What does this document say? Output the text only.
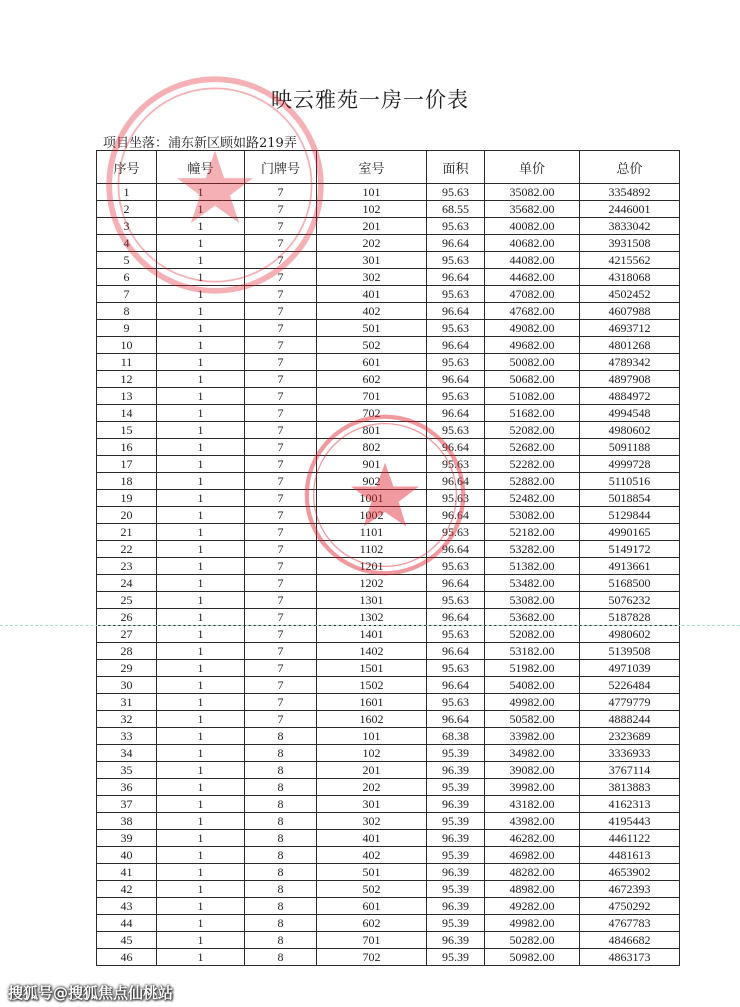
映云雅苑一房一价表
项目坐落：浦东新区顾如路219弄
序号	幢号	门牌号	室号	面积	单价	总价
1	1	7	101	95.63	35082.00	3354892
2	1	7	102	68.55	35682.00	2446001
3	1	7	201	95.63	40082.00	3833042
4	1	7	202	96.64	40682.00	3931508
5	1	7	301	95.63	44082.00	4215562
6	1	7	302	96.64	44682.00	4318068
7	1	7	401	95.63	47082.00	4502452
8	1	7	402	96.64	47682.00	4607988
9	1	7	501	95.63	49082.00	4693712
10	1	7	502	96.64	49682.00	4801268
11	1	7	601	95.63	50082.00	4789342
12	1	7	602	96.64	50682.00	4897908
13	1	7	701	95.63	51082.00	4884972
14	1	7	702	96.64	51682.00	4994548
15	1	7	801	95.63	52082.00	4980602
16	1	7	802	96.64	52682.00	5091188
17	1	7	901	95.63	52282.00	4999728
18	1	7	902	96.64	52882.00	5110516
19	1	7	1001	95.63	52482.00	5018854
20	1	7	1002	96.64	53082.00	5129844
21	1	7	1101	95.63	52182.00	4990165
22	1	7	1102	96.64	53282.00	5149172
23	1	7	1201	95.63	51382.00	4913661
24	1	7	1202	96.64	53482.00	5168500
25	1	7	1301	95.63	53082.00	5076232
26	1	7	1302	96.64	53682.00	5187828
27	1	7	1401	95.63	52082.00	4980602
28	1	7	1402	96.64	53182.00	5139508
29	1	7	1501	95.63	51982.00	4971039
30	1	7	1502	96.64	54082.00	5226484
31	1	7	1601	95.63	49982.00	4779779
32	1	7	1602	96.64	50582.00	4888244
33	1	8	101	68.38	33982.00	2323689
34	1	8	102	95.39	34982.00	3336933
35	1	8	201	96.39	39082.00	3767114
36	1	8	202	95.39	39982.00	3813883
37	1	8	301	96.39	43182.00	4162313
38	1	8	302	95.39	43982.00	4195443
39	1	8	401	96.39	46282.00	4461122
40	1	8	402	95.39	46982.00	4481613
41	1	8	501	96.39	48282.00	4653902
42	1	8	502	95.39	48982.00	4672393
43	1	8	601	96.39	49282.00	4750292
44	1	8	602	95.39	49982.00	4767783
45	1	8	701	96.39	50282.00	4846682
46	1	8	702	95.39	50982.00	4863173
搜狐号@搜狐焦点仙桃站
